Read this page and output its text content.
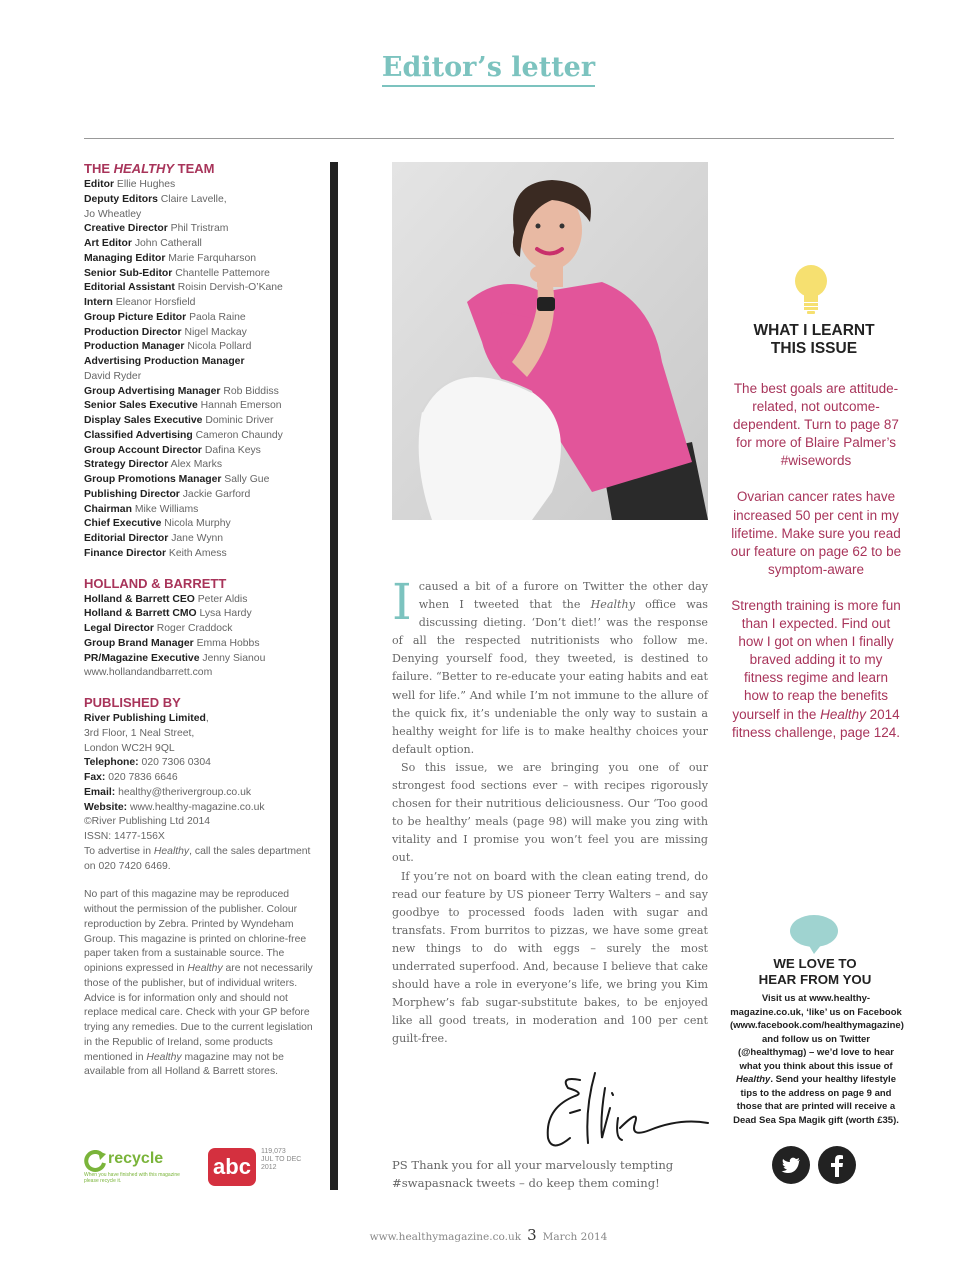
Editor’s letter
THE HEALTHY TEAM
Editor Ellie Hughes
Deputy Editors Claire Lavelle,
Jo Wheatley
Creative Director Phil Tristram
Art Editor John Catherall
Managing Editor Marie Farquharson
Senior Sub-Editor Chantelle Pattemore
Editorial Assistant Roisin Dervish-O’Kane
Intern Eleanor Horsfield
Group Picture Editor Paola Raine
Production Director Nigel Mackay
Production Manager Nicola Pollard
Advertising Production Manager
David Ryder
Group Advertising Manager Rob Biddiss
Senior Sales Executive Hannah Emerson
Display Sales Executive Dominic Driver
Classified Advertising Cameron Chaundy
Group Account Director Dafina Keys
Strategy Director Alex Marks
Group Promotions Manager Sally Gue
Publishing Director Jackie Garford
Chairman Mike Williams
Chief Executive Nicola Murphy
Editorial Director Jane Wynn
Finance Director Keith Amess
HOLLAND & BARRETT
Holland & Barrett CEO Peter Aldis
Holland & Barrett CMO Lysa Hardy
Legal Director Roger Craddock
Group Brand Manager Emma Hobbs
PR/Magazine Executive Jenny Sianou
www.hollandandbarrett.com
PUBLISHED BY
River Publishing Limited,
3rd Floor, 1 Neal Street,
London WC2H 9QL
Telephone: 020 7306 0304
Fax: 020 7836 6646
Email: healthy@therivergroup.co.uk
Website: www.healthy-magazine.co.uk
©River Publishing Ltd 2014
ISSN: 1477-156X
To advertise in Healthy, call the sales department on 020 7420 6469.
No part of this magazine may be reproduced without the permission of the publisher. Colour reproduction by Zebra. Printed by Wyndeham Group. This magazine is printed on chlorine-free paper taken from a sustainable source. The opinions expressed in Healthy are not necessarily those of the publisher, but of individual writers. Advice is for information only and should not replace medical care. Check with your GP before trying any remedies. Due to the current legislation in the Republic of Ireland, some products mentioned in Healthy magazine may not be available from all Holland & Barrett stores.
recycle
When you have finished with this magazine please recycle it.
abc
119,073
JUL TO DEC
2012

Icaused a bit of a furore on Twitter the other day when I tweeted that the Healthy office was discussing dieting. ‘Don’t diet!’ was the response of all the respected nutritionists who follow me. Denying yourself food, they tweeted, is destined to failure. “Better to re-educate your eating habits and eat well for life.” And while I’m not immune to the allure of the quick fix, it’s undeniable the only way to sustain a healthy weight for life is to make healthy choices your default option.

So this issue, we are bringing you one of our strongest food sections ever – with recipes rigorously chosen for their nutritious deliciousness. Our ‘Too good to be healthy’ meals (page 98) will make you zing with vitality and I promise you won’t feel you are missing out.

If you’re not on board with the clean eating trend, do read our feature by US pioneer Terry Walters – and say goodbye to processed foods laden with sugar and transfats. From burritos to pizzas, we have some great new things to do with eggs – surely the most underrated superfood. And, because I believe that cake should have a role in everyone’s life, we bring you Kim Morphew’s fab sugar-substitute bakes, to be enjoyed like all good treats, in moderation and 100 per cent guilt-free.

PS Thank you for all your marvelously tempting #swapasnack tweets – do keep them coming!
WHAT I LEARNT
THIS ISSUE

The best goals are attitude-related, not outcome-dependent. Turn to page 87 for more of Blaire Palmer’s #wisewords

Ovarian cancer rates have increased 50 per cent in my lifetime. Make sure you read our feature on page 62 to be symptom-aware

Strength training is more fun than I expected. Find out how I got on when I finally braved adding it to my fitness regime and learn how to reap the benefits yourself in the Healthy 2014 fitness challenge, page 124.

WE LOVE TO
HEAR FROM YOU
Visit us at www.healthy-magazine.co.uk, ‘like’ us on Facebook (www.facebook.com/healthymagazine) and follow us on Twitter (@healthymag) – we’d love to hear what you think about this issue of Healthy. Send your healthy lifestyle tips to the address on page 9 and those that are printed will receive a Dead Sea Spa Magik gift (worth £35).

www.healthymagazine.co.uk 3 March 2014
